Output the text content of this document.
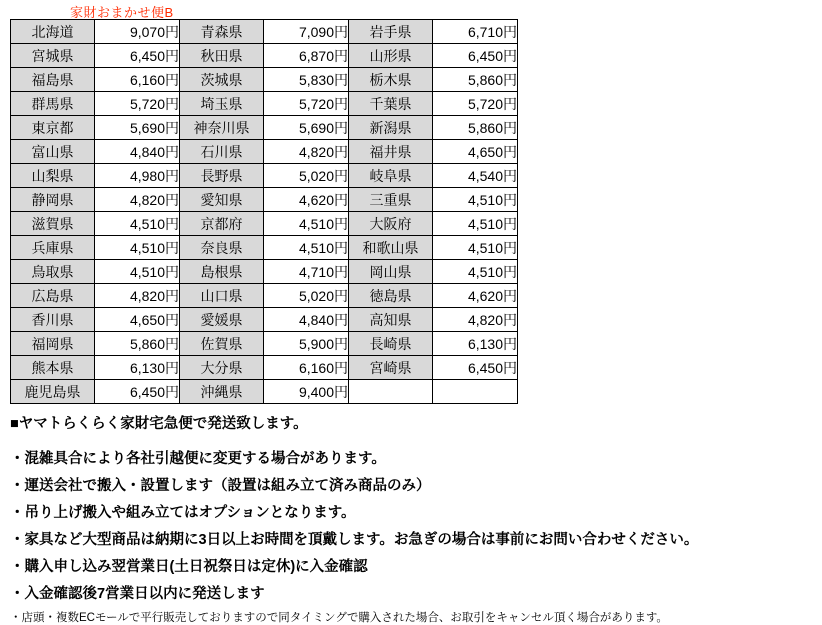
家財おまかせ便B
北海道	9,070円	青森県	7,090円	岩手県	6,710円
宮城県	6,450円	秋田県	6,870円	山形県	6,450円
福島県	6,160円	茨城県	5,830円	栃木県	5,860円
群馬県	5,720円	埼玉県	5,720円	千葉県	5,720円
東京都	5,690円	神奈川県	5,690円	新潟県	5,860円
富山県	4,840円	石川県	4,820円	福井県	4,650円
山梨県	4,980円	長野県	5,020円	岐阜県	4,540円
静岡県	4,820円	愛知県	4,620円	三重県	4,510円
滋賀県	4,510円	京都府	4,510円	大阪府	4,510円
兵庫県	4,510円	奈良県	4,510円	和歌山県	4,510円
鳥取県	4,510円	島根県	4,710円	岡山県	4,510円
広島県	4,820円	山口県	5,020円	徳島県	4,620円
香川県	4,650円	愛媛県	4,840円	高知県	4,820円
福岡県	5,860円	佐賀県	5,900円	長崎県	6,130円
熊本県	6,130円	大分県	6,160円	宮崎県	6,450円
鹿児島県	6,450円	沖縄県	9,400円		

■ヤマトらくらく家財宅急便で発送致します。

・混雑具合により各社引越便に変更する場合があります。

・運送会社で搬入・設置します（設置は組み立て済み商品のみ）

・吊り上げ搬入や組み立てはオプションとなります。

・家具など大型商品は納期に3日以上お時間を頂戴します。お急ぎの場合は事前にお問い合わせください。

・購入申し込み翌営業日(土日祝祭日は定休)に入金確認

・入金確認後7営業日以内に発送します

・店頭・複数ECモールで平行販売しておりますので同タイミングで購入された場合、お取引をキャンセル頂く場合があります。
